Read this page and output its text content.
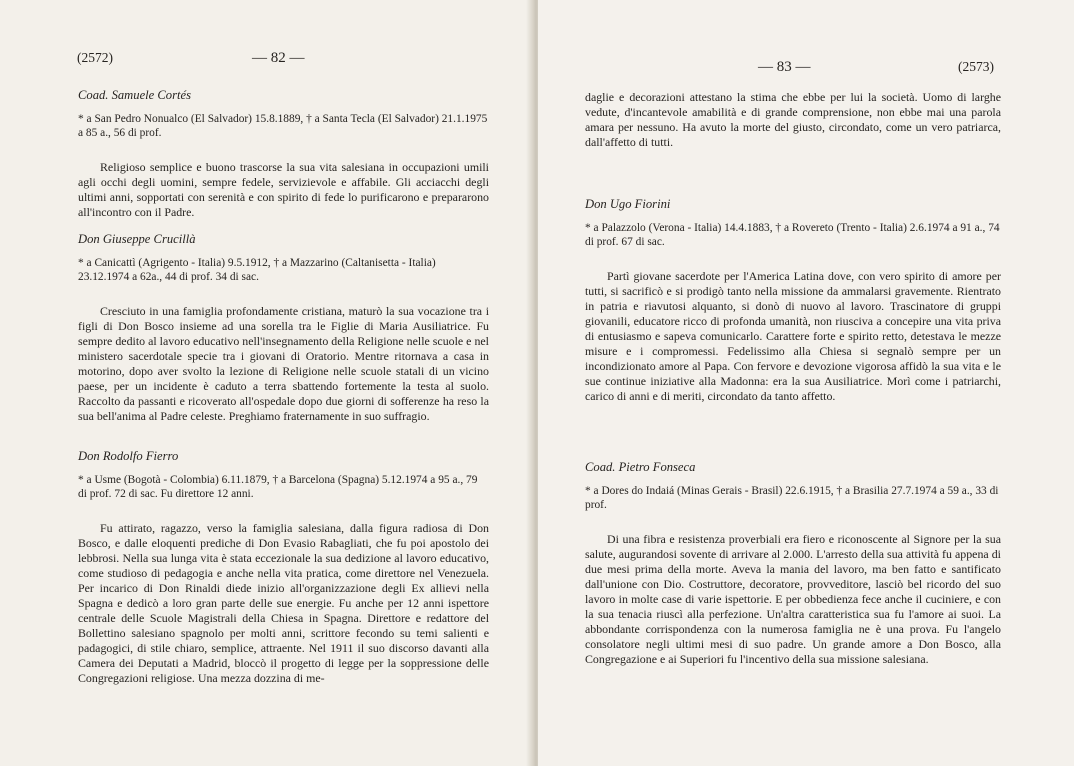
(2572)	— 82 —

Coad. Samuele Cortés

* a San Pedro Nonualco (El Salvador) 15.8.1889, † a Santa Tecla (El Salvador) 21.1.1975 a 85 a., 56 di prof.

Religioso semplice e buono trascorse la sua vita salesiana in occupazioni umili agli occhi degli uomini, sempre fedele, servizievole e affabile. Gli acciacchi degli ultimi anni, sopportati con serenità e con spirito di fede lo purificarono e prepararono all'incontro con il Padre.

Don Giuseppe Crucillà

* a Canicattì (Agrigento - Italia) 9.5.1912, † a Mazzarino (Caltanisetta - Italia) 23.12.1974 a 62a., 44 di prof. 34 di sac.

Cresciuto in una famiglia profondamente cristiana, maturò la sua vocazione tra i figli di Don Bosco insieme ad una sorella tra le Figlie di Maria Ausiliatrice. Fu sempre dedito al lavoro educativo nell'insegnamento della Religione nelle scuole e nel ministero sacerdotale specie tra i giovani di Oratorio. Mentre ritornava a casa in motorino, dopo aver svolto la lezione di Religione nelle scuole statali di un vicino paese, per un incidente è caduto a terra sbattendo fortemente la testa al suolo. Raccolto da passanti e ricoverato all'ospedale dopo due giorni di sofferenze ha reso la sua bell'anima al Padre celeste. Preghiamo fraternamente in suo suffragio.

Don Rodolfo Fierro

* a Usme (Bogotà - Colombia) 6.11.1879, † a Barcelona (Spagna) 5.12.1974 a 95 a., 79 di prof. 72 di sac. Fu direttore 12 anni.

Fu attirato, ragazzo, verso la famiglia salesiana, dalla figura radiosa di Don Bosco, e dalle eloquenti prediche di Don Evasio Rabagliati, che fu poi apostolo dei lebbrosi. Nella sua lunga vita è stata eccezionale la sua dedizione al lavoro educativo, come studioso di pedagogia e anche nella vita pratica, come direttore nel Venezuela. Per incarico di Don Rinaldi diede inizio all'organizzazione degli Ex allievi nella Spagna e dedicò a loro gran parte delle sue energie. Fu anche per 12 anni ispettore centrale delle Scuole Magistrali della Chiesa in Spagna. Direttore e redattore del Bollettino salesiano spagnolo per molti anni, scrittore fecondo su temi salienti e padagogici, di stile chiaro, semplice, attraente. Nel 1911 il suo discorso davanti alla Camera dei Deputati a Madrid, bloccò il progetto di legge per la soppressione delle Congregazioni religiose. Una mezza dozzina di me-

— 83 —	(2573)

daglie e decorazioni attestano la stima che ebbe per lui la società. Uomo di larghe vedute, d'incantevole amabilità e di grande comprensione, non ebbe mai una parola amara per nessuno. Ha avuto la morte del giusto, circondato, come un vero patriarca, dall'affetto di tutti.

Don Ugo Fiorini

* a Palazzolo (Verona - Italia) 14.4.1883, † a Rovereto (Trento - Italia) 2.6.1974 a 91 a., 74 di prof. 67 di sac.

Partì giovane sacerdote per l'America Latina dove, con vero spirito di amore per tutti, si sacrificò e si prodigò tanto nella missione da ammalarsi gravemente. Rientrato in patria e riavutosi alquanto, si donò di nuovo al lavoro. Trascinatore di gruppi giovanili, educatore ricco di profonda umanità, non riusciva a concepire una vita priva di entusiasmo e sapeva comunicarlo. Carattere forte e spirito retto, detestava le mezze misure e i compromessi. Fedelissimo alla Chiesa si segnalò sempre per un incondizionato amore al Papa. Con fervore e devozione vigorosa affidò la sua vita e le sue continue iniziative alla Madonna: era la sua Ausiliatrice. Morì come i patriarchi, carico di anni e di meriti, circondato da tanto affetto.

Coad. Pietro Fonseca

* a Dores do Indaiá (Minas Gerais - Brasil) 22.6.1915, † a Brasilia 27.7.1974 a 59 a., 33 di prof.

Di una fibra e resistenza proverbiali era fiero e riconoscente al Signore per la sua salute, augurandosi sovente di arrivare al 2.000. L'arresto della sua attività fu appena di due mesi prima della morte. Aveva la mania del lavoro, ma ben fatto e santificato dall'unione con Dio. Costruttore, decoratore, provveditore, lasciò bel ricordo del suo lavoro in molte case di varie ispettorie. E per obbedienza fece anche il cuciniere, e con la sua tenacia riuscì alla perfezione. Un'altra caratteristica sua fu l'amore ai suoi. La abbondante corrispondenza con la numerosa famiglia ne è una prova. Fu l'angelo consolatore negli ultimi mesi di suo padre. Un grande amore a Don Bosco, alla Congregazione e ai Superiori fu l'incentivo della sua missione salesiana.
